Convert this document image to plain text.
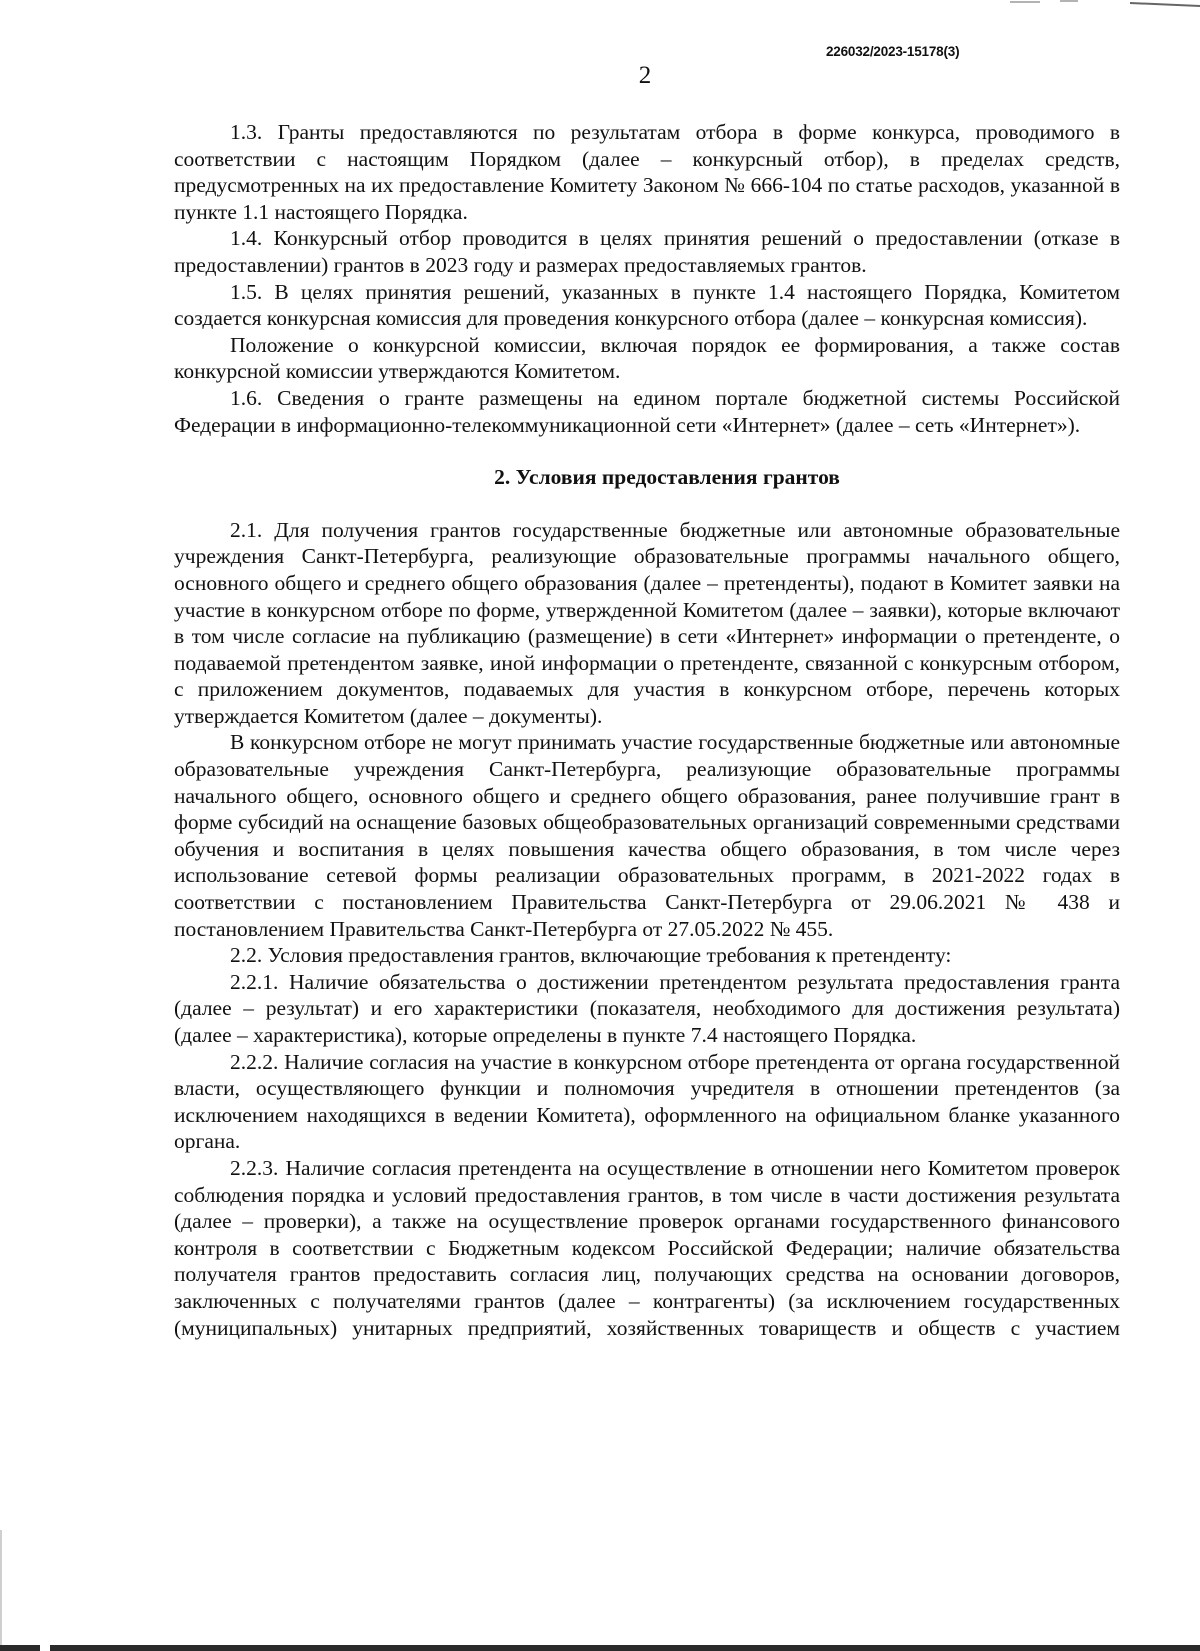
226032/2023-15178(3)
2

1.3. Гранты предоставляются по результатам отбора в форме конкурса, проводимого в соответствии с настоящим Порядком (далее – конкурсный отбор), в пределах средств, предусмотренных на их предоставление Комитету Законом № 666-104 по статье расходов, указанной в пункте 1.1 настоящего Порядка.

1.4. Конкурсный отбор проводится в целях принятия решений о предоставлении (отказе в предоставлении) грантов в 2023 году и размерах предоставляемых грантов.

1.5. В целях принятия решений, указанных в пункте 1.4 настоящего Порядка, Комитетом создается конкурсная комиссия для проведения конкурсного отбора (далее – конкурсная комиссия).

Положение о конкурсной комиссии, включая порядок ее формирования, а также состав конкурсной комиссии утверждаются Комитетом.

1.6. Сведения о гранте размещены на едином портале бюджетной системы Российской Федерации в информационно-телекоммуникационной сети «Интернет» (далее – сеть «Интернет»).

2. Условия предоставления грантов

2.1. Для получения грантов государственные бюджетные или автономные образовательные учреждения Санкт-Петербурга, реализующие образовательные программы начального общего, основного общего и среднего общего образования (далее – претенденты), подают в Комитет заявки на участие в конкурсном отборе по форме, утвержденной Комитетом (далее – заявки), которые включают в том числе согласие на публикацию (размещение) в сети «Интернет» информации о претенденте, о подаваемой претендентом заявке, иной информации о претенденте, связанной с конкурсным отбором, с приложением документов, подаваемых для участия в конкурсном отборе, перечень которых утверждается Комитетом (далее – документы).

В конкурсном отборе не могут принимать участие государственные бюджетные или автономные образовательные учреждения Санкт-Петербурга, реализующие образовательные программы начального общего, основного общего и среднего общего образования, ранее получившие грант в форме субсидий на оснащение базовых общеобразовательных организаций современными средствами обучения и воспитания в целях повышения качества общего образования, в том числе через использование сетевой формы реализации образовательных программ, в 2021-2022 годах в соответствии с постановлением Правительства Санкт-Петербурга от 29.06.2021 № 438 и постановлением Правительства Санкт-Петербурга от 27.05.2022 № 455.

2.2. Условия предоставления грантов, включающие требования к претенденту:

2.2.1. Наличие обязательства о достижении претендентом результата предоставления гранта (далее – результат) и его характеристики (показателя, необходимого для достижения результата) (далее – характеристика), которые определены в пункте 7.4 настоящего Порядка.

2.2.2. Наличие согласия на участие в конкурсном отборе претендента от органа государственной власти, осуществляющего функции и полномочия учредителя в отношении претендентов (за исключением находящихся в ведении Комитета), оформленного на официальном бланке указанного органа.

2.2.3. Наличие согласия претендента на осуществление в отношении него Комитетом проверок соблюдения порядка и условий предоставления грантов, в том числе в части достижения результата (далее – проверки), а также на осуществление проверок органами государственного финансового контроля в соответствии с Бюджетным кодексом Российской Федерации; наличие обязательства получателя грантов предоставить согласия лиц, получающих средства на основании договоров, заключенных с получателями грантов (далее – контрагенты) (за исключением государственных (муниципальных) унитарных предприятий, хозяйственных товариществ и обществ с участием
